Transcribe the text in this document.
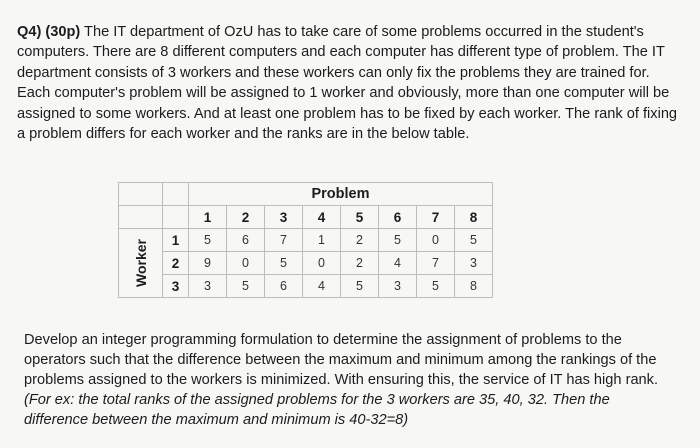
Q4) (30p) The IT department of OzU has to take care of some problems occurred in the student's computers. There are 8 different computers and each computer has different type of problem. The IT department consists of 3 workers and these workers can only fix the problems they are trained for. Each computer's problem will be assigned to 1 worker and obviously, more than one computer will be assigned to some workers. And at least one problem has to be fixed by each worker. The rank of fixing a problem differs for each worker and the ranks are in the below table.

		Problem							
		1	2	3	4	5	6	7	8

Worker	1	5	6	7	1	2	5	0	5
	2	9	0	5	0	2	4	7	3
	3	3	5	6	4	5	3	5	8

Develop an integer programming formulation to determine the assignment of problems to the operators such that the difference between the maximum and minimum among the rankings of the problems assigned to the workers is minimized. With ensuring this, the service of IT has high rank. (For ex: the total ranks of the assigned problems for the 3 workers are 35, 40, 32. Then the difference between the maximum and minimum is 40-32=8)
